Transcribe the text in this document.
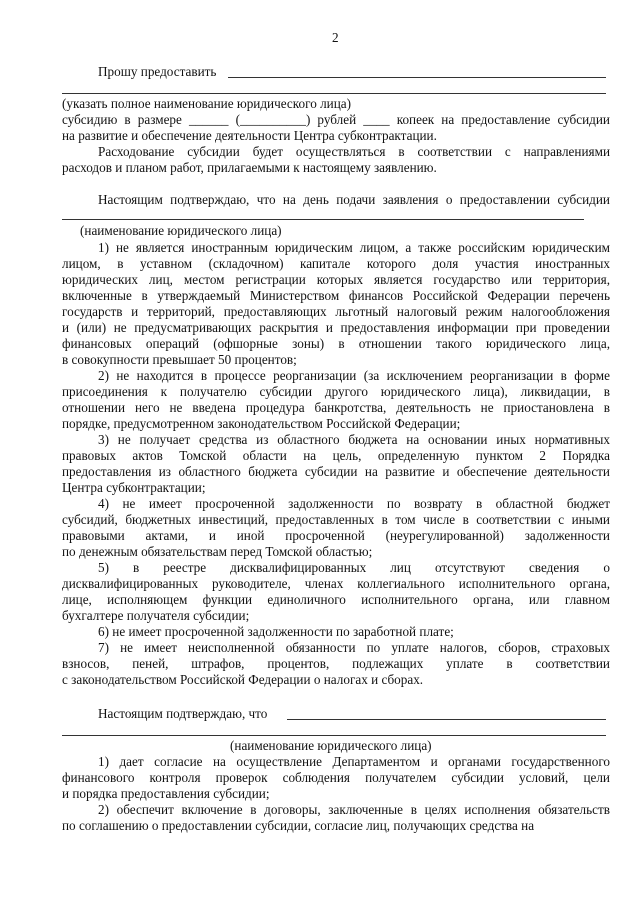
2
Прошу предоставить
(указать полное наименование юридического лица)
субсидию в размере ______ (__________) рублей ____ копеек на предоставление субсидии
на развитие и обеспечение деятельности Центра субконтрактации.
Расходование субсидии будет осуществляться в соответствии с направлениями
расходов и планом работ, прилагаемыми к настоящему заявлению.
Настоящим подтверждаю, что на день подачи заявления о предоставлении субсидии
(наименование юридического лица)
1) не является иностранным юридическим лицом, а также российским юридическим
лицом, в уставном (складочном) капитале которого доля участия иностранных
юридических лиц, местом регистрации которых является государство или территория,
включенные в утверждаемый Министерством финансов Российской Федерации перечень
государств и территорий, предоставляющих льготный налоговый режим налогообложения
и (или) не предусматривающих раскрытия и предоставления информации при проведении
финансовых операций (офшорные зоны) в отношении такого юридического лица,
в совокупности превышает 50 процентов;
2) не находится в процессе реорганизации (за исключением реорганизации в форме
присоединения к получателю субсидии другого юридического лица), ликвидации, в
отношении него не введена процедура банкротства, деятельность не приостановлена в
порядке, предусмотренном законодательством Российской Федерации;
3) не получает средства из областного бюджета на основании иных нормативных
правовых актов Томской области на цель, определенную пунктом 2 Порядка
предоставления из областного бюджета субсидии на развитие и обеспечение деятельности
Центра субконтрактации;
4) не имеет просроченной задолженности по возврату в областной бюджет
субсидий, бюджетных инвестиций, предоставленных в том числе в соответствии с иными
правовыми актами, и иной просроченной (неурегулированной) задолженности
по денежным обязательствам перед Томской областью;
5) в реестре дисквалифицированных лиц отсутствуют сведения о
дисквалифицированных руководителе, членах коллегиального исполнительного органа,
лице, исполняющем функции единоличного исполнительного органа, или главном
бухгалтере получателя субсидии;
6) не имеет просроченной задолженности по заработной плате;
7) не имеет неисполненной обязанности по уплате налогов, сборов, страховых
взносов, пеней, штрафов, процентов, подлежащих уплате в соответствии
с законодательством Российской Федерации о налогах и сборах.
Настоящим подтверждаю, что
(наименование юридического лица)
1) дает согласие на осуществление Департаментом и органами государственного
финансового контроля проверок соблюдения получателем субсидии условий, цели
и порядка предоставления субсидии;
2) обеспечит включение в договоры, заключенные в целях исполнения обязательств
по соглашению о предоставлении субсидии, согласие лиц, получающих средства на
